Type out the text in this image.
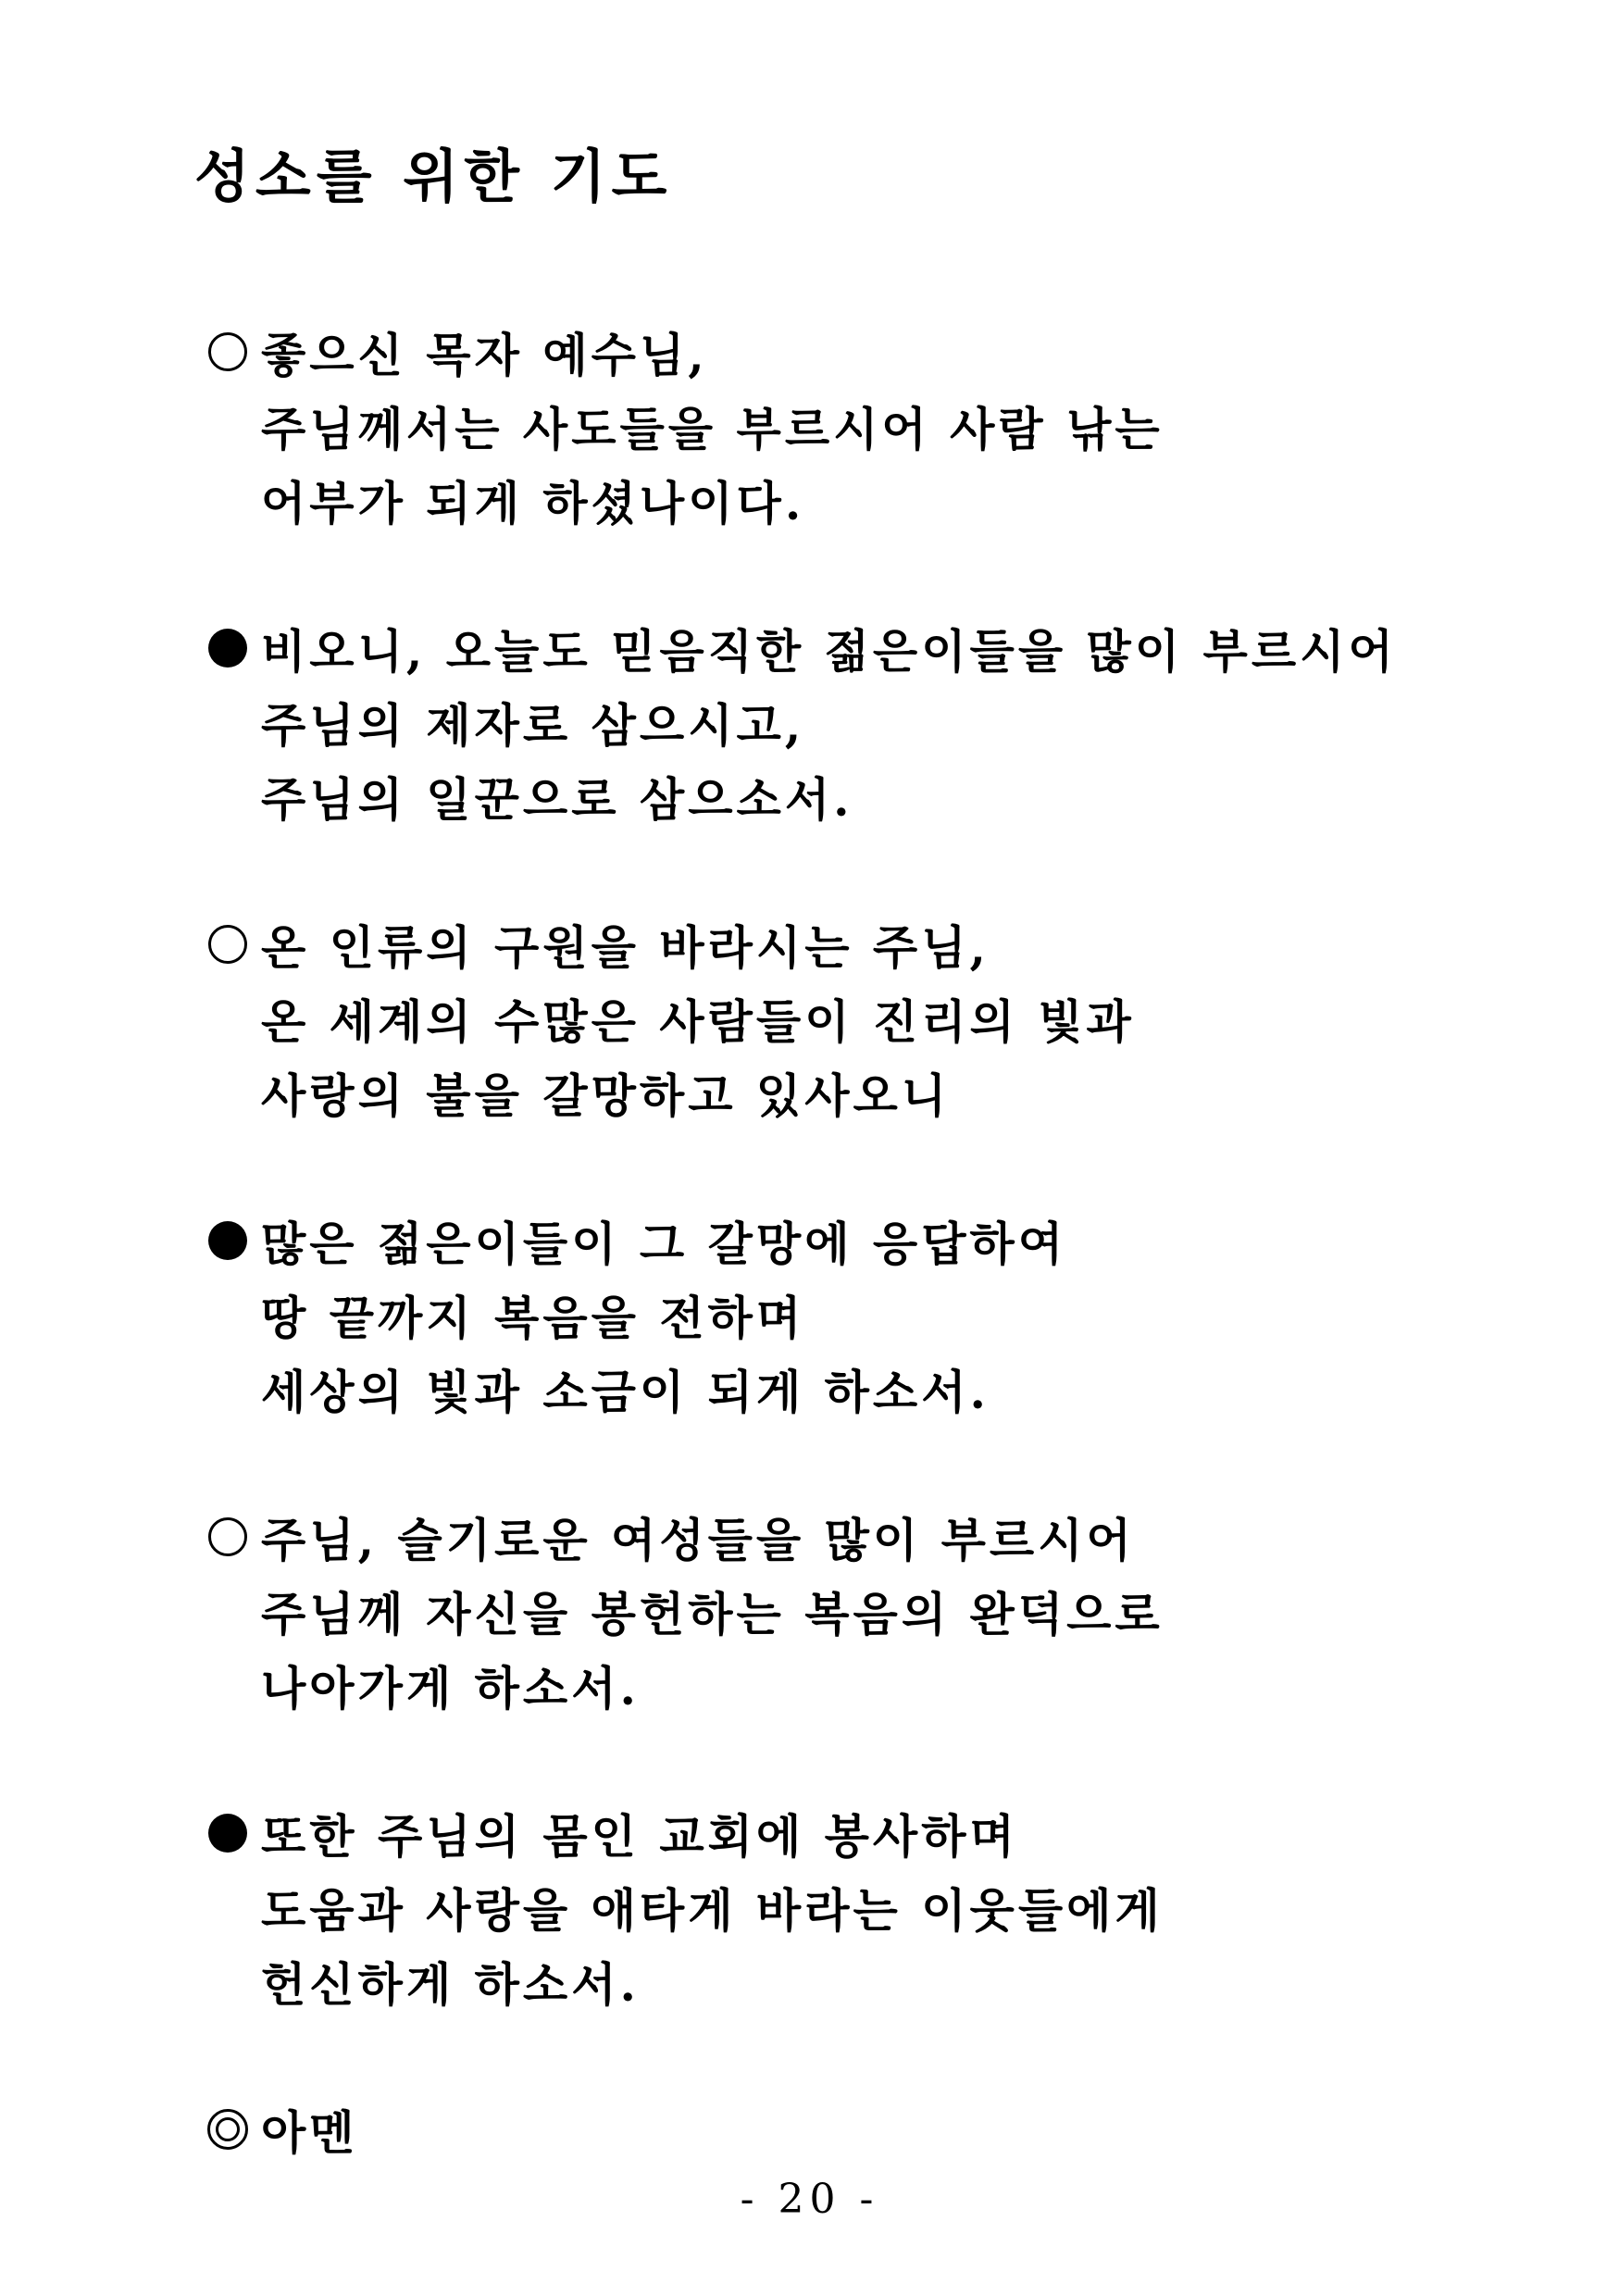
성소를 위한 기도
좋으신 목자 예수님,
주님께서는 사도들을 부르시어 사람 낚는
어부가 되게 하셨나이다.
비오니, 오늘도 믿음직한 젊은이들을 많이 부르시어
주님의 제자로 삼으시고,
주님의 일꾼으로 삼으소서.
온 인류의 구원을 바라시는 주님,
온 세계의 수많은 사람들이 진리의 빛과
사랑의 불을 갈망하고 있사오니
많은 젊은이들이 그 갈망에 응답하여
땅 끝까지 복음을 전하며
세상의 빛과 소금이 되게 하소서.
주님, 슬기로운 여성들을 많이 부르시어
주님께 자신을 봉헌하는 복음의 완덕으로
나아가게 하소서.
또한 주님의 몸인 교회에 봉사하며
도움과 사랑을 애타게 바라는 이웃들에게
헌신하게 하소서.
아멘
- 20 -
